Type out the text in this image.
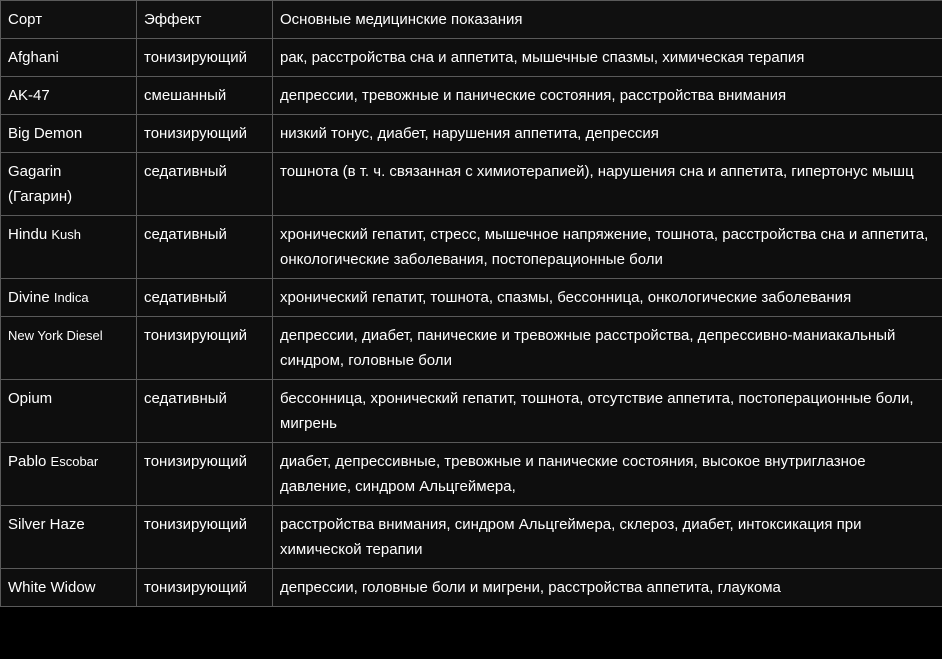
Сорт	Эффект	Основные медицинские показания
Afghani	тонизирующий	рак, расстройства сна и аппетита, мышечные спазмы, химическая терапия
AK-47	смешанный	депрессии, тревожные и панические состояния, расстройства внимания
Big Demon	тонизирующий	низкий тонус, диабет, нарушения аппетита, депрессия
Gagarin (Гагарин)	седативный	тошнота (в т. ч. связанная с химиотерапией), нарушения сна и аппетита, гипертонус мышц
Hindu Kush	седативный	хронический гепатит, стресс, мышечное напряжение, тошнота, расстройства сна и аппетита, онкологические заболевания, постоперационные боли
Divine Indica	седативный	хронический гепатит, тошнота, спазмы, бессонница, онкологические заболевания
New York Diesel	тонизирующий	депрессии, диабет, панические и тревожные расстройства, депрессивно-маниакальный синдром, головные боли
Opium	седативный	бессонница, хронический гепатит, тошнота, отсутствие аппетита, постоперационные боли, мигрень
Pablo Escobar	тонизирующий	диабет, депрессивные, тревожные и панические состояния, высокое внутриглазное давление, синдром Альцгеймера,
Silver Haze	тонизирующий	расстройства внимания, синдром Альцгеймера, склероз, диабет, интоксикация при химической терапии
White Widow	тонизирующий	депрессии, головные боли и мигрени, расстройства аппетита, глаукома
